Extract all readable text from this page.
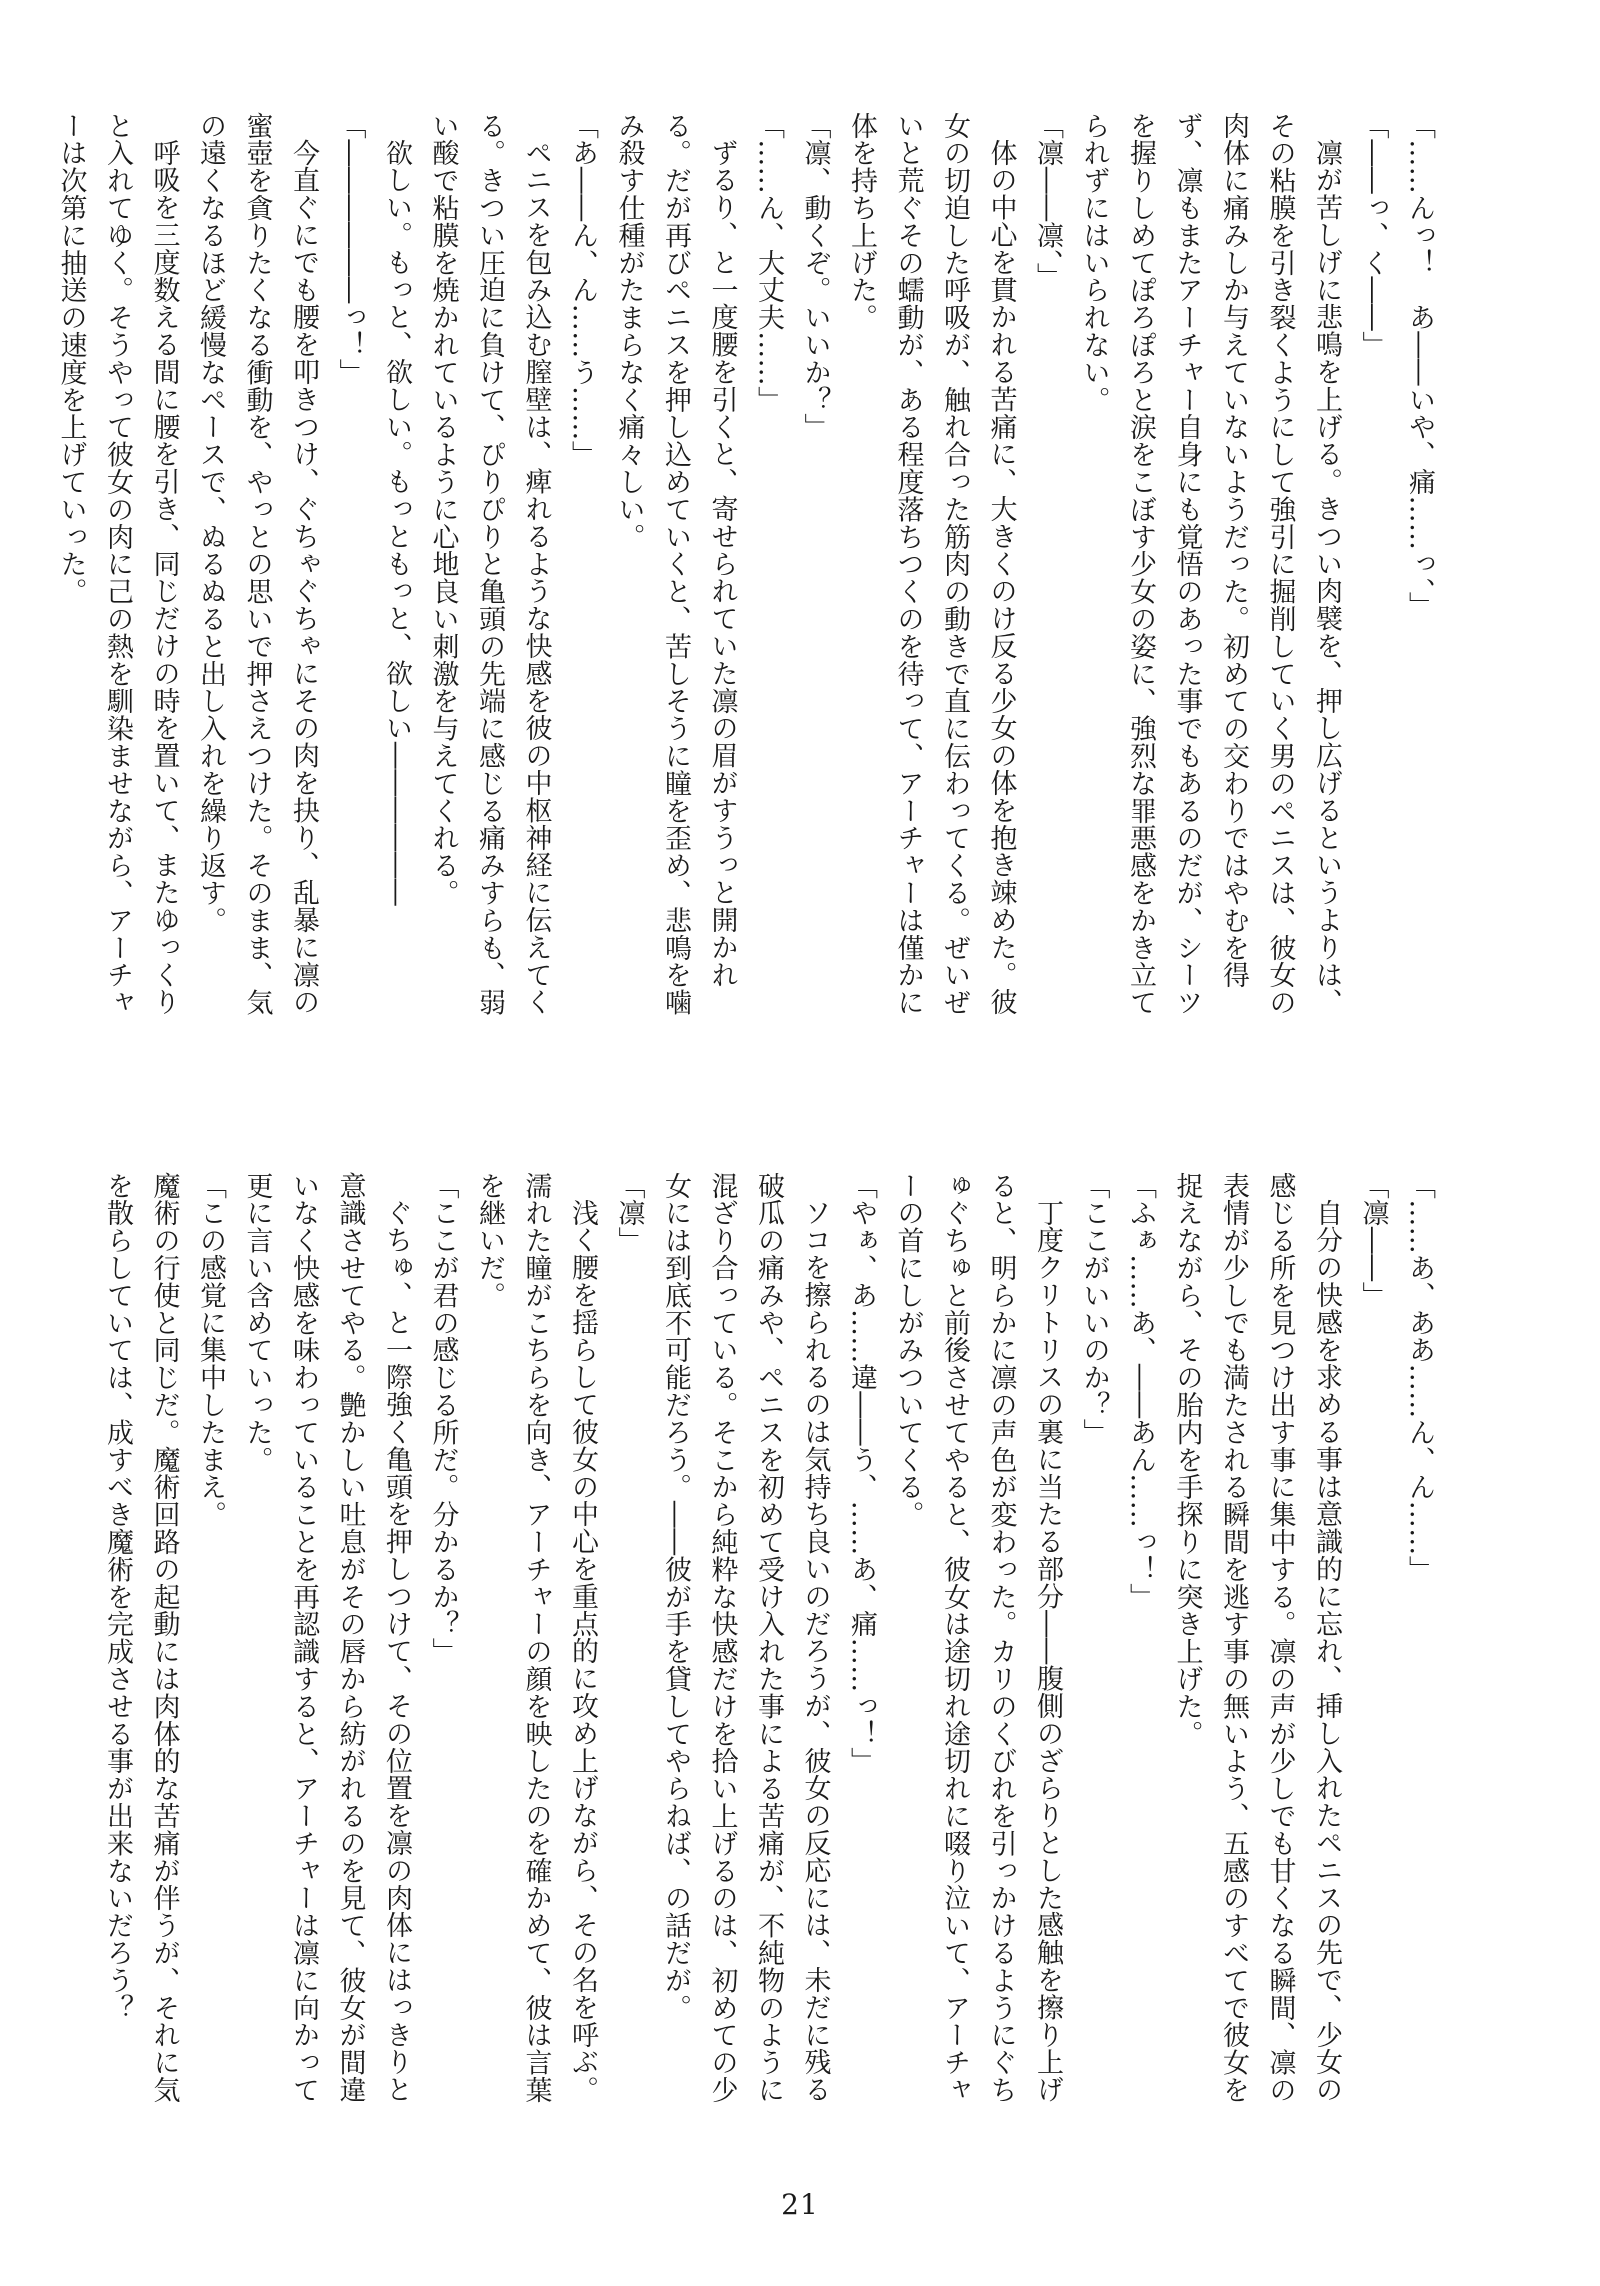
「……んっ！　あ――いや、痛……っ、」

「――っ、く――」

凛が苦しげに悲鳴を上げる。きつい肉襞を、押し広げるというよりは、その粘膜を引き裂くようにして強引に掘削していく男のペニスは、彼女の肉体に痛みしか与えていないようだった。初めての交わりではやむを得ず、凛もまたアーチャー自身にも覚悟のあった事でもあるのだが、シーツを握りしめてぽろぽろと涙をこぼす少女の姿に、強烈な罪悪感をかき立てられずにはいられない。

「凛――凛、」

体の中心を貫かれる苦痛に、大きくのけ反る少女の体を抱き竦めた。彼女の切迫した呼吸が、触れ合った筋肉の動きで直に伝わってくる。ぜいぜいと荒ぐその蠕動が、ある程度落ちつくのを待って、アーチャーは僅かに体を持ち上げた。

「凛、動くぞ。いいか？」

「……ん、大丈夫……」

ずるり、と一度腰を引くと、寄せられていた凛の眉がすうっと開かれる。だが再びペニスを押し込めていくと、苦しそうに瞳を歪め、悲鳴を噛み殺す仕種がたまらなく痛々しい。

「あ――ん、ん……う……」

ペニスを包み込む膣壁は、痺れるような快感を彼の中枢神経に伝えてくる。きつい圧迫に負けて、ぴりぴりと亀頭の先端に感じる痛みすらも、弱い酸で粘膜を焼かれているように心地良い刺激を与えてくれる。

欲しい。もっと、欲しい。もっともっと、欲しい――――――

「――――――っ！」

今直ぐにでも腰を叩きつけ、ぐちゃぐちゃにその肉を抉り、乱暴に凛の蜜壺を貪りたくなる衝動を、やっとの思いで押さえつけた。そのまま、気の遠くなるほど緩慢なペースで、ぬるぬると出し入れを繰り返す。

呼吸を三度数える間に腰を引き、同じだけの時を置いて、またゆっくりと入れてゆく。そうやって彼女の肉に己の熱を馴染ませながら、アーチャーは次第に抽送の速度を上げていった。

「……あ、ああ……ん、ん……」

「凛――」

自分の快感を求める事は意識的に忘れ、挿し入れたペニスの先で、少女の感じる所を見つけ出す事に集中する。凛の声が少しでも甘くなる瞬間、凛の表情が少しでも満たされる瞬間を逃す事の無いよう、五感のすべてで彼女を捉えながら、その胎内を手探りに突き上げた。

「ふぁ……あ、――あん……っ！」

「ここがいいのか？」

丁度クリトリスの裏に当たる部分――腹側のざらりとした感触を擦り上げると、明らかに凛の声色が変わった。カリのくびれを引っかけるようにぐちゅぐちゅと前後させてやると、彼女は途切れ途切れに啜り泣いて、アーチャーの首にしがみついてくる。

「やぁ、あ……違――う、……あ、痛……っ！」

ソコを擦られるのは気持ち良いのだろうが、彼女の反応には、未だに残る破瓜の痛みや、ペニスを初めて受け入れた事による苦痛が、不純物のように混ざり合っている。そこから純粋な快感だけを拾い上げるのは、初めての少女には到底不可能だろう。――彼が手を貸してやらねば、の話だが。

「凛」

浅く腰を揺らして彼女の中心を重点的に攻め上げながら、その名を呼ぶ。濡れた瞳がこちらを向き、アーチャーの顔を映したのを確かめて、彼は言葉を継いだ。

「ここが君の感じる所だ。分かるか？」

ぐちゅ、と一際強く亀頭を押しつけて、その位置を凛の肉体にはっきりと意識させてやる。艶かしい吐息がその唇から紡がれるのを見て、彼女が間違いなく快感を味わっていることを再認識すると、アーチャーは凛に向かって更に言い含めていった。

「この感覚に集中したまえ。

魔術の行使と同じだ。魔術回路の起動には肉体的な苦痛が伴うが、それに気を散らしていては、成すべき魔術を完成させる事が出来ないだろう？

21
